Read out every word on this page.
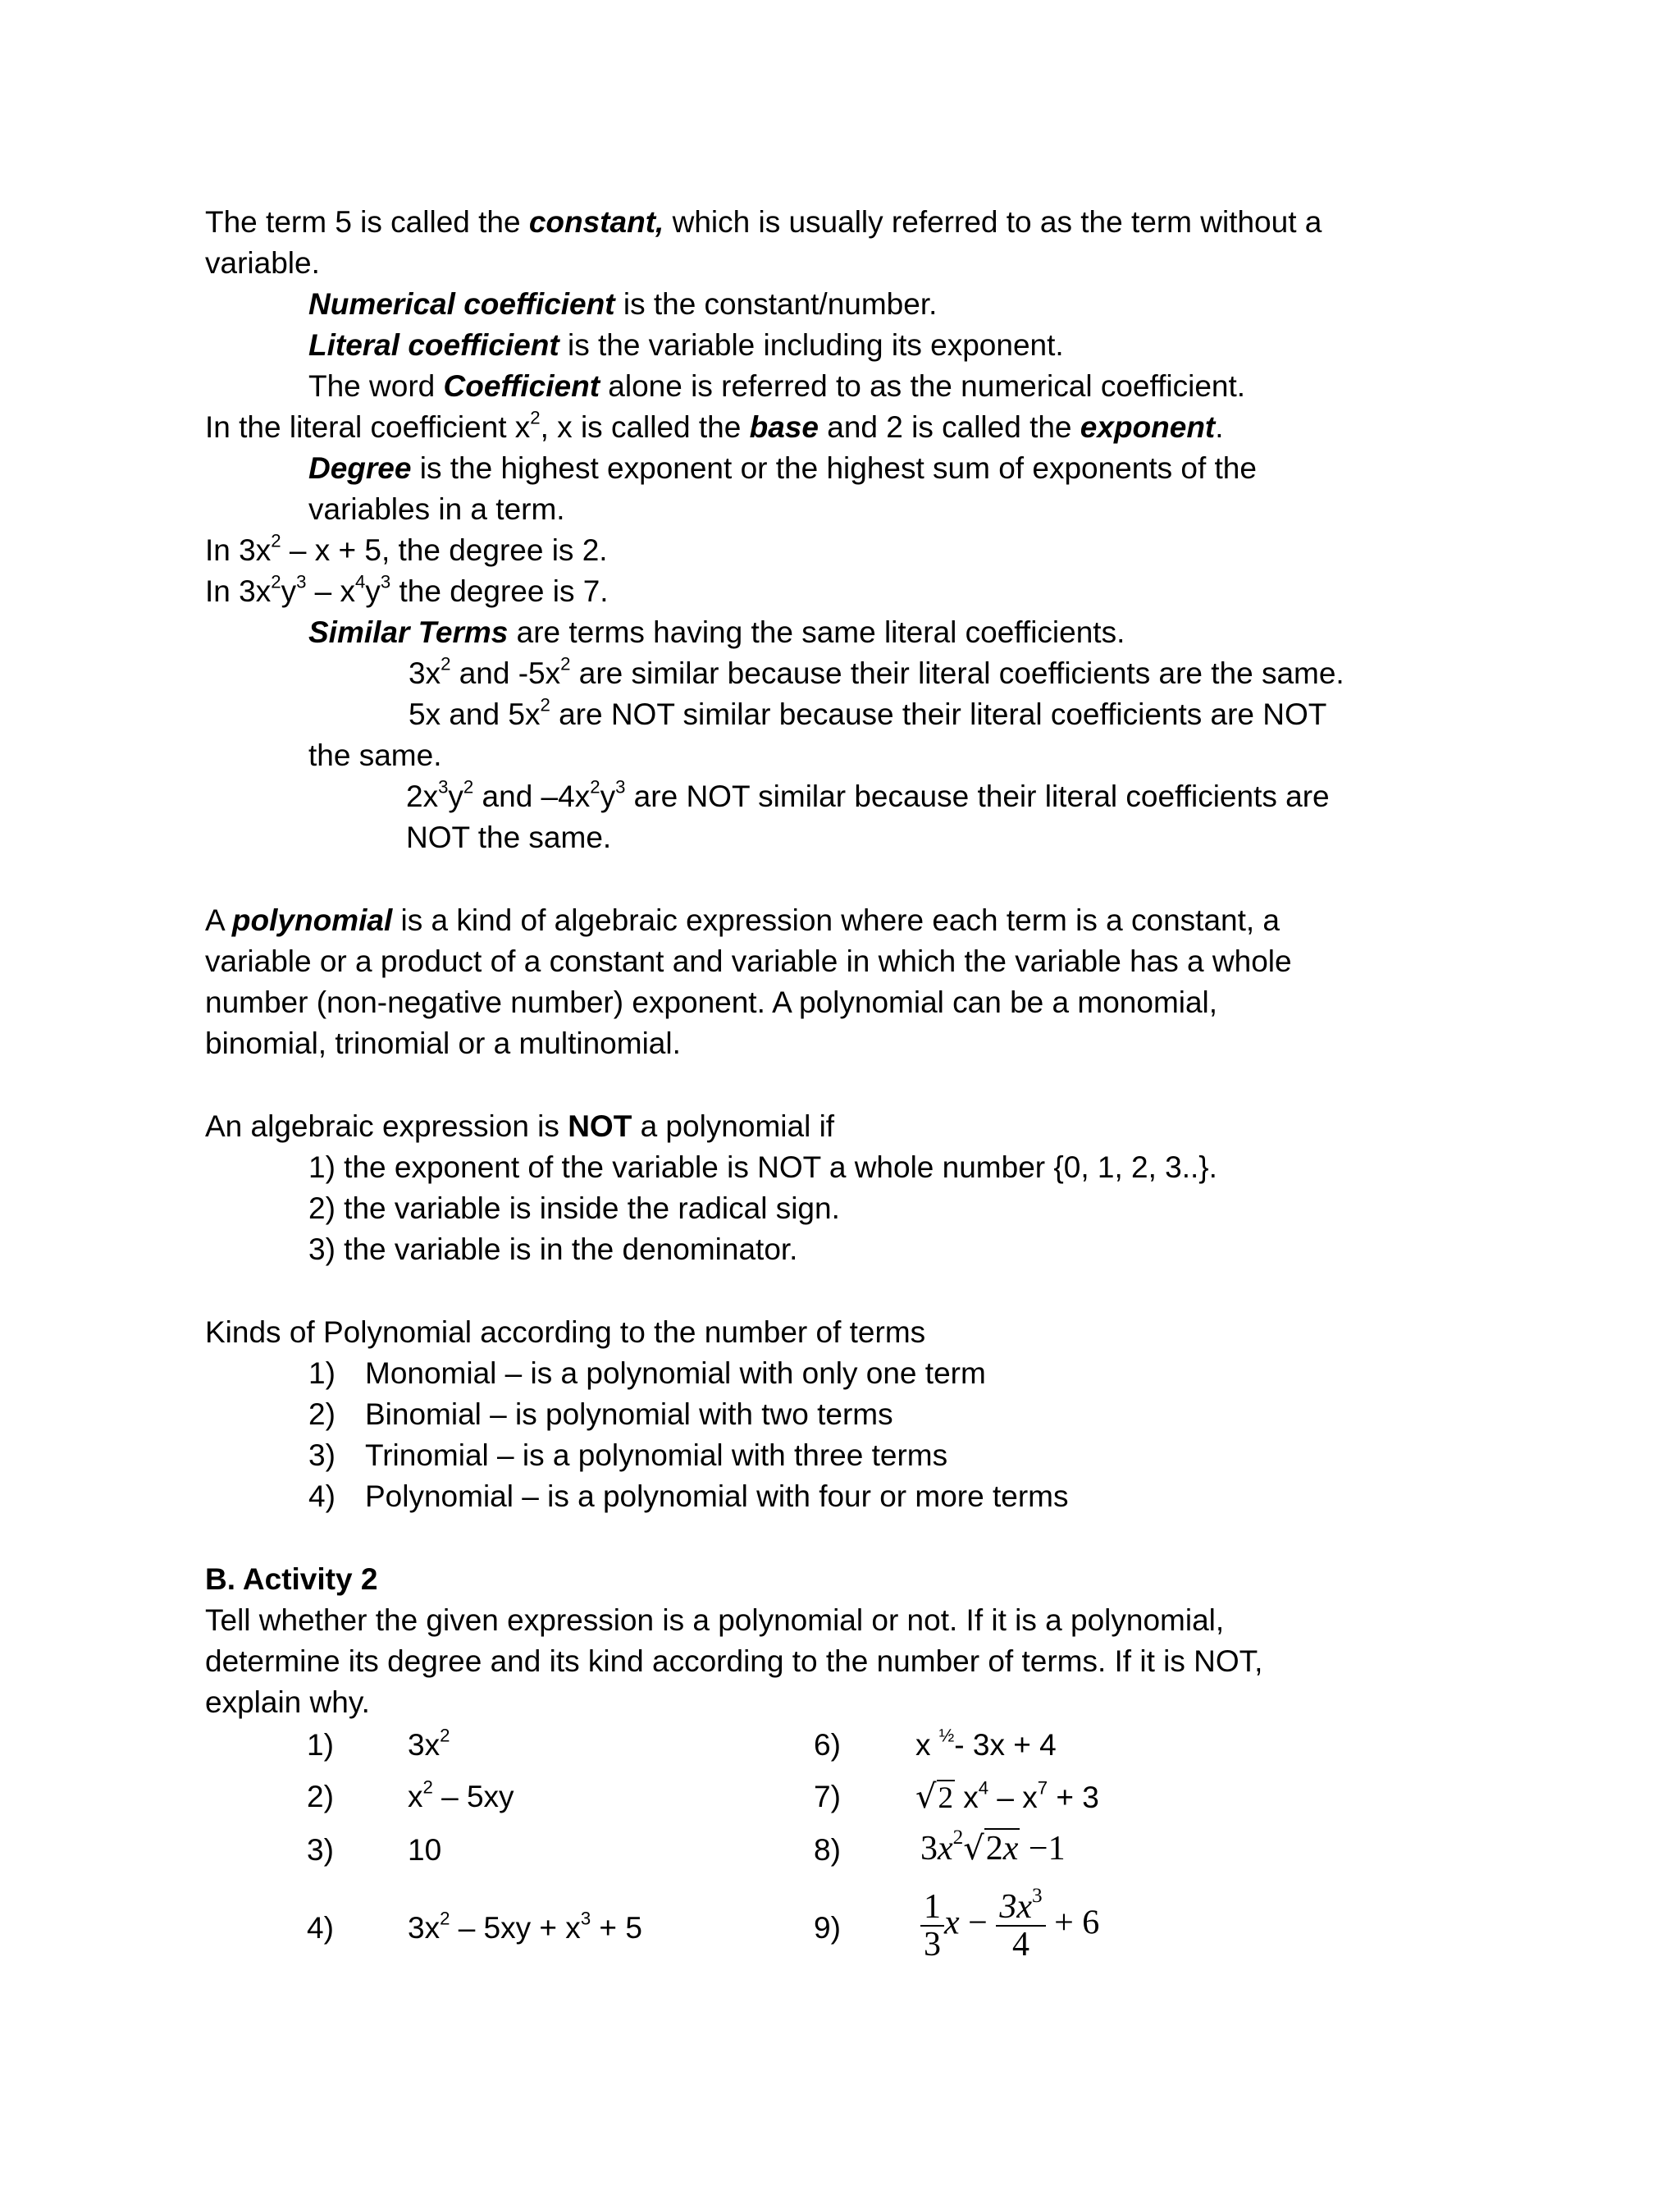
The term 5 is called the constant, which is usually referred to as the term without a
variable.
Numerical coefficient is the constant/number.
Literal coefficient is the variable including its exponent.
The word Coefficient alone is referred to as the numerical coefficient.
In the literal coefficient $x^2$, x is called the base and 2 is called the exponent.
Degree is the highest exponent or the highest sum of exponents of the
variables in a term.
In $3x^2 - x + 5$, the degree is 2.
In $3x^2y^3 - x^4y^3$ the degree is 7.
Similar Terms are terms having the same literal coefficients.
$3x^2$ and $-5x^2$ are similar because their literal coefficients are the same.
5x and $5x^2$ are NOT similar because their literal coefficients are NOT
the same.
$2x^3y^2$ and $-4x^2y^3$ are NOT similar because their literal coefficients are
NOT the same.
A polynomial is a kind of algebraic expression where each term is a constant, a
variable or a product of a constant and variable in which the variable has a whole
number (non-negative number) exponent. A polynomial can be a monomial,
binomial, trinomial or a multinomial.
An algebraic expression is NOT a polynomial if
1) the exponent of the variable is NOT a whole number {0, 1, 2, 3..}.
2) the variable is inside the radical sign.
3) the variable is in the denominator.
Kinds of Polynomial according to the number of terms
1) Monomial – is a polynomial with only one term
2) Binomial – is polynomial with two terms
3) Trinomial – is a polynomial with three terms
4) Polynomial – is a polynomial with four or more terms
B. Activity 2
Tell whether the given expression is a polynomial or not. If it is a polynomial,
determine its degree and its kind according to the number of terms. If it is NOT,
explain why.
1) $3x^2$
2) $x^2 - 5xy$
3) 10
4) $3x^2 - 5xy + x^3 + 5$
6) x $^{\frac{1}{2}}$- 3x + 4
7) √2 $x^4 - x^7 + 3$
8) $3x^2√2x -1$
$9) \frac{1}{3}$ $x - \frac{3x^3}{4} + 6$
